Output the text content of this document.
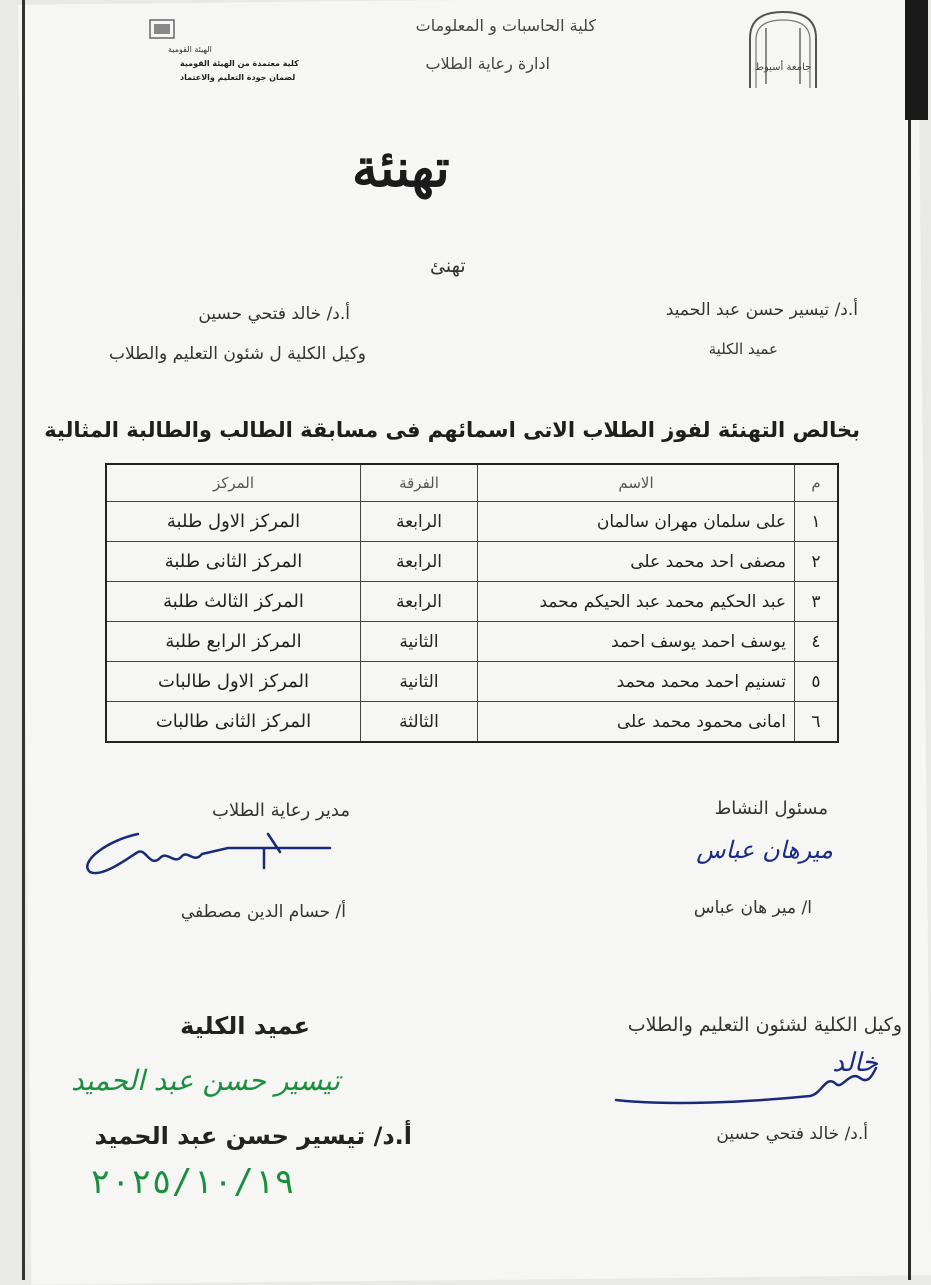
الهيئة القومية
كلية معتمدة من الهيئة القومية
لضمان جودة التعليم والاعتماد
جامعة أسيوط
كلية الحاسبات و المعلومات
ادارة رعاية الطلاب
تهنئة
تهنئ
أ.د/ تيسير حسن عبد الحميد
عميد الكلية
أ.د/ خالد فتحي حسين
وكيل الكلية ل شئون التعليم والطلاب
بخالص التهنئة لفوز الطلاب الاتى اسمائهم فى مسابقة الطالب والطالبة المثالية
م	الاسم	الفرقة	المركز
١	على سلمان مهران سالمان	الرابعة	المركز الاول طلبة
٢	مصفى احد محمد على	الرابعة	المركز الثانى طلبة
٣	عبد الحكيم محمد عبد الحيكم محمد	الرابعة	المركز الثالث طلبة
٤	يوسف احمد يوسف احمد	الثانية	المركز الرابع طلبة
٥	تسنيم احمد محمد محمد	الثانية	المركز الاول طالبات
٦	امانى محمود محمد على	الثالثة	المركز الثانى طالبات
مسئول النشاط
ميرهان عباس
ا/ مير هان عباس
مدير رعاية الطلاب
أ/ حسام الدين مصطفي
وكيل الكلية لشئون التعليم والطلاب
خالد
أ.د/ خالد فتحي حسين
عميد الكلية
تيسير حسن عبد الحميد
أ.د/ تيسير حسن عبد الحميد
٢٠٢٥/١٠/١٩
